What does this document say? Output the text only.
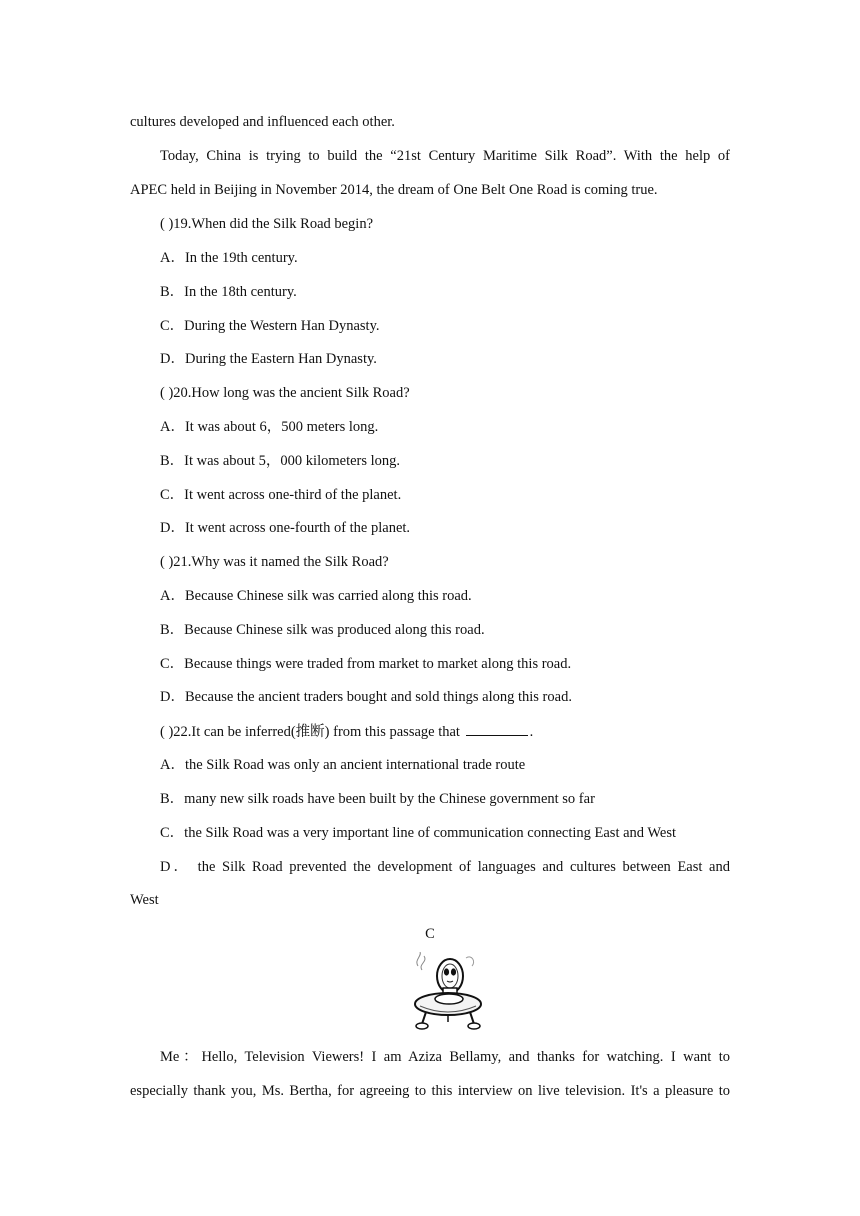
cultures developed and influenced each other.
Today, China is trying to build the “21st Century Maritime Silk Road”. With the help of
APEC held in Beijing in November 2014, the dream of One Belt One Road is coming true.
( )19.When did the Silk Road begin?
A．In the 19th century.
B．In the 18th century.
C．During the Western Han Dynasty.
D．During the Eastern Han Dynasty.
( )20.How long was the ancient Silk Road?
A．It was about 6，500 meters long.
B．It was about 5，000 kilometers long.
C．It went across one-third of the planet.
D．It went across one-fourth of the planet.
( )21.Why was it named the Silk Road?
A．Because Chinese silk was carried along this road.
B．Because Chinese silk was produced along this road.
C．Because things were traded from market to market along this road.
D．Because the ancient traders bought and sold things along this road.
( )22.It can be inferred(推断) from this passage that	.
A．the Silk Road was only an ancient international trade route
B．many new silk roads have been built by the Chinese government so far
C．the Silk Road was a very important line of communication connecting East and West
D． the Silk Road prevented the development of languages and cultures between East and
West
C
Me：Hello, Television Viewers! I am Aziza Bellamy, and thanks for watching. I want to
especially thank you, Ms. Bertha, for agreeing to this interview on live television. It's a pleasure to
